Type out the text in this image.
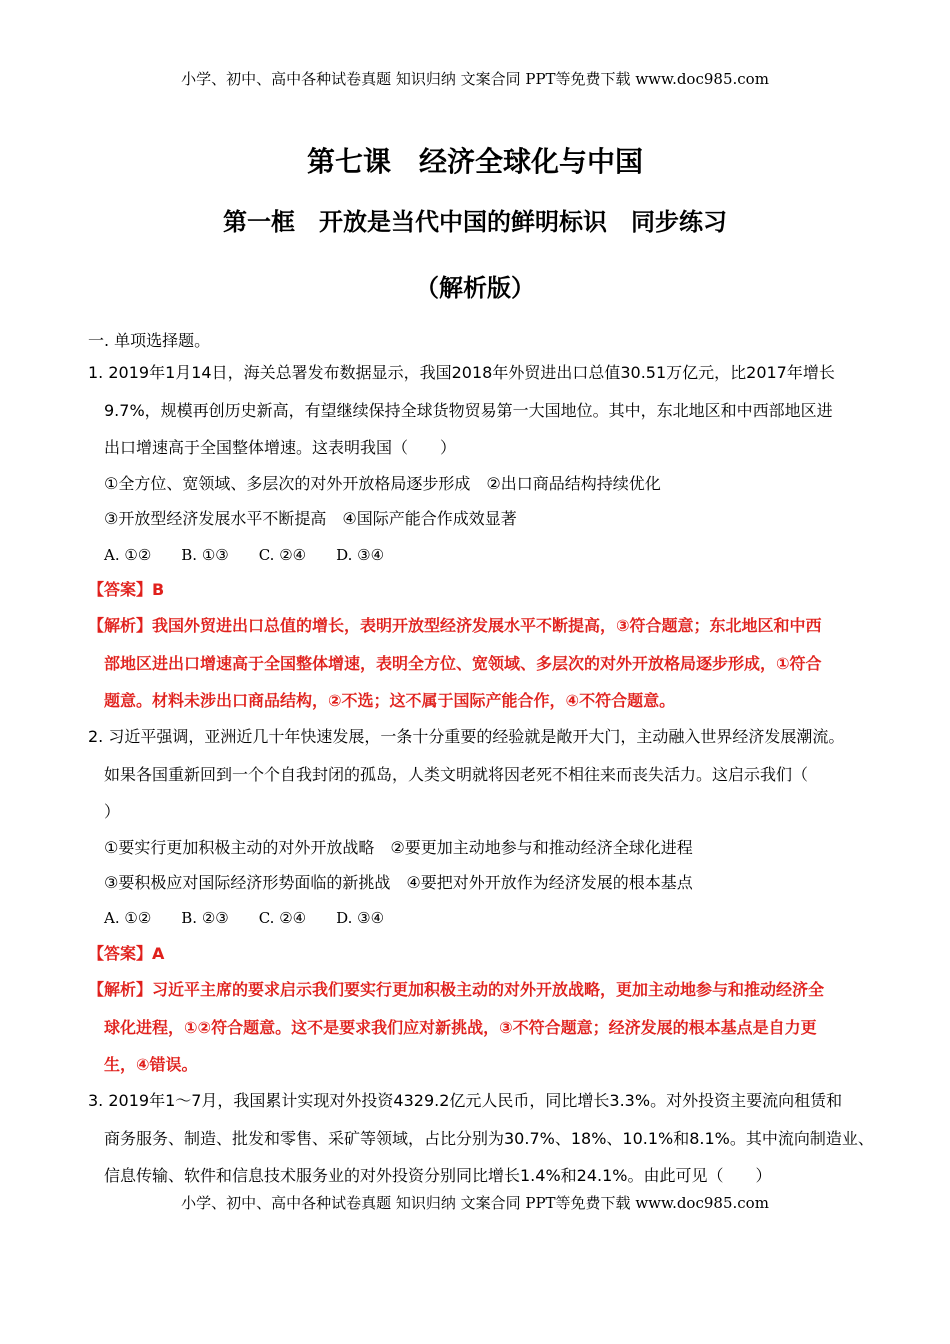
小学、初中、高中各种试卷真题 知识归纳 文案合同 PPT等免费下载 www.doc985.com
第七课　经济全球化与中国
第一框　开放是当代中国的鲜明标识　同步练习
（解析版）
一. 单项选择题。
1. 2019年1月14日，海关总署发布数据显示，我国2018年外贸进出口总值30.51万亿元，比2017年增长
9.7%，规模再创历史新高，有望继续保持全球货物贸易第一大国地位。其中，东北地区和中西部地区进
出口增速高于全国整体增速。这表明我国（　　）
①全方位、宽领域、多层次的对外开放格局逐步形成　②出口商品结构持续优化
③开放型经济发展水平不断提高　④国际产能合作成效显著
A. ①② B. ①③ C. ②④ D. ③④
【答案】B
【解析】我国外贸进出口总值的增长，表明开放型经济发展水平不断提高，③符合题意；东北地区和中西
部地区进出口增速高于全国整体增速，表明全方位、宽领域、多层次的对外开放格局逐步形成，①符合
题意。材料未涉出口商品结构，②不选；这不属于国际产能合作，④不符合题意。
2. 习近平强调，亚洲近几十年快速发展，一条十分重要的经验就是敞开大门，主动融入世界经济发展潮流。
如果各国重新回到一个个自我封闭的孤岛，人类文明就将因老死不相往来而丧失活力。这启示我们（
）
①要实行更加积极主动的对外开放战略　②要更加主动地参与和推动经济全球化进程
③要积极应对国际经济形势面临的新挑战　④要把对外开放作为经济发展的根本基点
A. ①② B. ②③ C. ②④ D. ③④
【答案】A
【解析】习近平主席的要求启示我们要实行更加积极主动的对外开放战略，更加主动地参与和推动经济全
球化进程，①②符合题意。这不是要求我们应对新挑战，③不符合题意；经济发展的根本基点是自力更
生，④错误。
3. 2019年1～7月，我国累计实现对外投资4329.2亿元人民币，同比增长3.3%。对外投资主要流向租赁和
商务服务、制造、批发和零售、采矿等领域，占比分别为30.7%、18%、10.1%和8.1%。其中流向制造业、
信息传输、软件和信息技术服务业的对外投资分别同比增长1.4%和24.1%。由此可见（　　）
小学、初中、高中各种试卷真题 知识归纳 文案合同 PPT等免费下载 www.doc985.com
